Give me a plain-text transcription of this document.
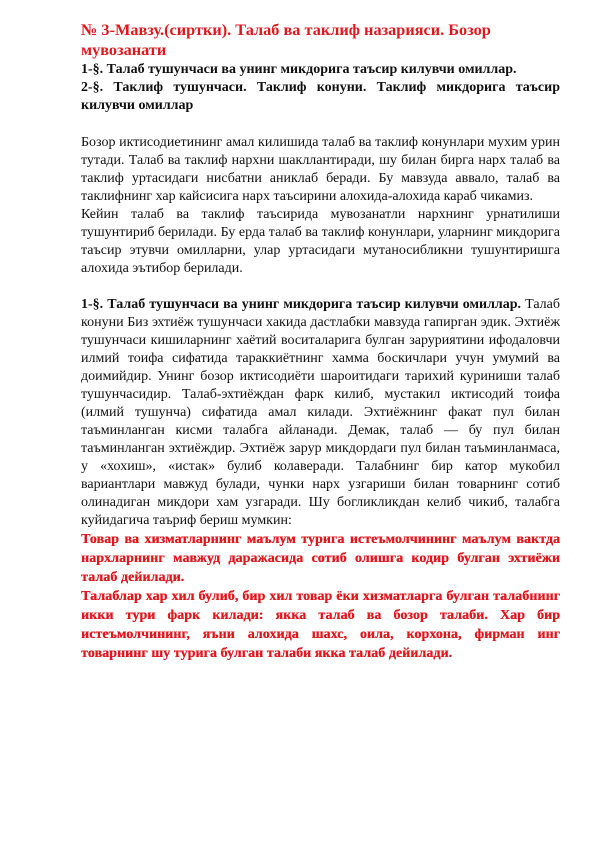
№ 3-Мавзу.(сиртки). Талаб ва таклиф назарияси. Бозор мувозанати

1-§. Талаб тушунчаси ва унинг микдорига таъсир килувчи омиллар.

2-§. Таклиф тушунчаси. Таклиф конуни. Таклиф микдорига таъсир килувчи омиллар

Бозор иктисодиетининг амал килишида талаб ва таклиф конунлари мухим урин тутади. Талаб ва таклиф нархни шакллантиради, шу билан бирга нарх талаб ва таклиф уртасидаги нисбатни аниклаб беради. Бу мавзуда аввало, талаб ва таклифнинг хар кайсисига нарх таъсирини алохида-алохида караб чикамиз.

Кейин талаб ва таклиф таъсирида мувозанатли нархнинг урнатилиши тушунтириб берилади. Бу ерда талаб ва таклиф конунлари, уларнинг микдорига таъсир этувчи омилларни, улар уртасидаги мутаносибликни тушунтиришга алохида эътибор берилади.

1-§. Талаб тушунчаси ва унинг микдорига таъсир килувчи омиллар. Талаб конуни Биз эхтиёж тушунчаси хакида дастлабки мавзуда гапирган эдик. Эхтиёж тушунчаси кишиларнинг хаётий воситаларига булган заруриятини ифодаловчи илмий тоифа сифатида тараккиётнинг хамма боскичлари учун умумий ва доимийдир. Унинг бозор иктисодиёти шароитидаги тарихий куриниши талаб тушунчасидир. Талаб-эхтиёждан фарк килиб, мустакил иктисодий тоифа (илмий тушунча) сифатида амал килади. Эхтиёжнинг факат пул билан таъминланган кисми талабга айланади. Демак, талаб — бу пул билан таъминланган эхтиёждир. Эхтиёж зарур микдордаги пул билан таъминланмаса, у «хохиш», «истак» булиб колаверади. Талабнинг бир катор мукобил вариантлари мавжуд булади, чунки нарх узгариши билан товарнинг сотиб олинадиган микдори хам узгаради. Шу богликликдан келиб чикиб, талабга куйидагича таъриф бериш мумкин:

Товар ва хизматларнинг маълум турига истеъмолчининг маълум вактда нархларнинг мавжуд даражасида сотиб олишга кодир булган эхтиёжи талаб дейилади.

Талаблар хар хил булиб, бир хил товар ёки хизматларга булган талабнинг икки тури фарк килади: якка талаб ва бозор талаби. Хар бир истеъмолчининг, яъни алохида шахс, оила, корхона, фирман инг товарнинг шу турига булган талаби якка талаб дейилади.
